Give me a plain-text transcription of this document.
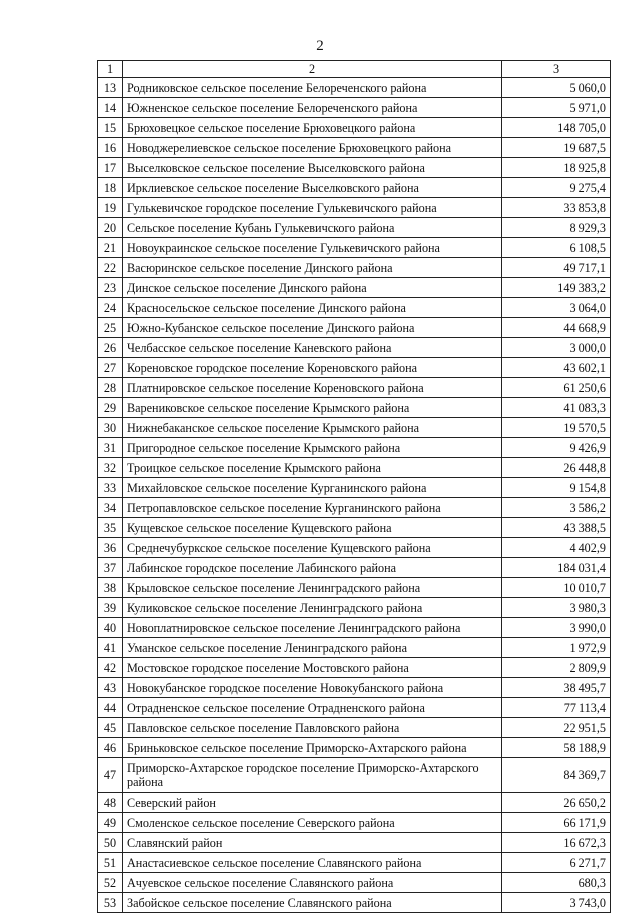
2
1	2	3
13	Родниковское сельское поселение Белореченского района	5 060,0
14	Южненское сельское поселение Белореченского района	5 971,0
15	Брюховецкое сельское поселение Брюховецкого района	148 705,0
16	Новоджерелиевское сельское поселение Брюховецкого района	19 687,5
17	Выселковское сельское поселение Выселковского района	18 925,8
18	Ирклиевское сельское поселение Выселковского района	9 275,4
19	Гулькевичское городское поселение Гулькевичского района	33 853,8
20	Сельское поселение Кубань Гулькевичского района	8 929,3
21	Новоукраинское сельское поселение Гулькевичского района	6 108,5
22	Васюринское сельское поселение Динского района	49 717,1
23	Динское сельское поселение Динского района	149 383,2
24	Красносельское сельское поселение Динского района	3 064,0
25	Южно-Кубанское сельское поселение Динского района	44 668,9
26	Челбасское сельское поселение Каневского района	3 000,0
27	Кореновское городское поселение Кореновского района	43 602,1
28	Платнировское сельское поселение Кореновского района	61 250,6
29	Варениковское сельское поселение Крымского района	41 083,3
30	Нижнебаканское сельское поселение Крымского района	19 570,5
31	Пригородное сельское поселение Крымского района	9 426,9
32	Троицкое сельское поселение Крымского района	26 448,8
33	Михайловское сельское поселение Курганинского района	9 154,8
34	Петропавловское сельское поселение Курганинского района	3 586,2
35	Кущевское сельское поселение Кущевского района	43 388,5
36	Среднечубуркское сельское поселение Кущевского района	4 402,9
37	Лабинское городское поселение Лабинского района	184 031,4
38	Крыловское сельское поселение Ленинградского района	10 010,7
39	Куликовское сельское поселение Ленинградского района	3 980,3
40	Новоплатнировское сельское поселение Ленинградского района	3 990,0
41	Уманское сельское поселение Ленинградского района	1 972,9
42	Мостовское городское поселение Мостовского района	2 809,9
43	Новокубанское городское поселение Новокубанского района	38 495,7
44	Отрадненское сельское поселение Отрадненского района	77 113,4
45	Павловское сельское поселение Павловского района	22 951,5
46	Бриньковское сельское поселение Приморско-Ахтарского района	58 188,9
47	Приморско-Ахтарское городское поселение Приморско-Ахтарского района	84 369,7
48	Северский район	26 650,2
49	Смоленское сельское поселение Северского района	66 171,9
50	Славянский район	16 672,3
51	Анастасиевское сельское поселение Славянского района	6 271,7
52	Ачуевское сельское поселение Славянского района	680,3
53	Забойское сельское поселение Славянского района	3 743,0
